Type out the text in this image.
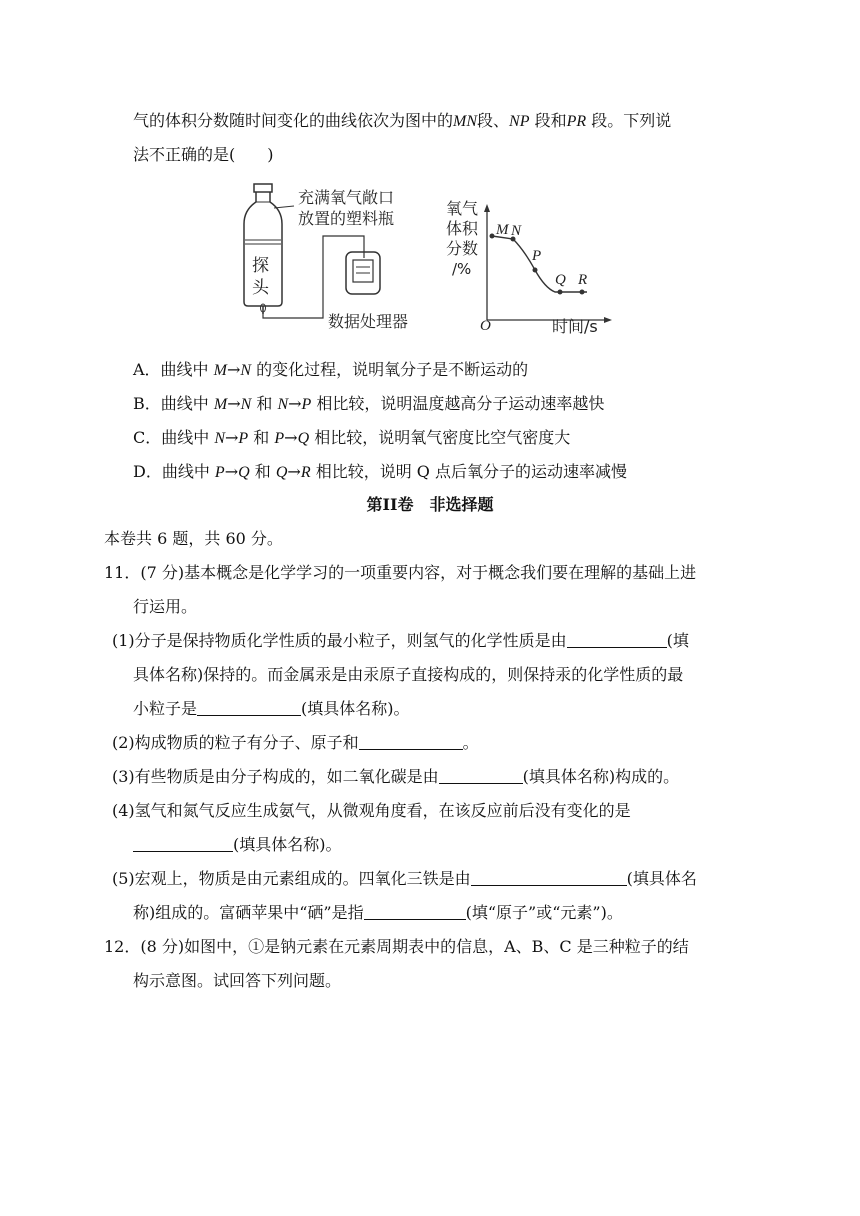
气的体积分数随时间变化的曲线依次为图中的MN段、NP 段和PR 段。下列说
法不正确的是(　　)
探
头
充满氧气敞口
放置的塑料瓶
数据处理器
M N
P
Q R
氧气
体积
分数
/%
O	时间/s
A．曲线中 M→N 的变化过程，说明氧分子是不断运动的
B．曲线中 M→N 和 N→P 相比较，说明温度越高分子运动速率越快
C．曲线中 N→P 和 P→Q 相比较，说明氧气密度比空气密度大
D．曲线中 P→Q 和 Q→R 相比较，说明 Q 点后氧分子的运动速率减慢
第II卷　非选择题
本卷共 6 题，共 60 分。
11．(7 分)基本概念是化学学习的一项重要内容，对于概念我们要在理解的基础上进
行运用。
(1)分子是保持物质化学性质的最小粒子，则氢气的化学性质是由	(填
具体名称)保持的。而金属汞是由汞原子直接构成的，则保持汞的化学性质的最
小粒子是	(填具体名称)。
(2)构成物质的粒子有分子、原子和	。
(3)有些物质是由分子构成的，如二氧化碳是由	(填具体名称)构成的。
(4)氢气和氮气反应生成氨气，从微观角度看，在该反应前后没有变化的是
(填具体名称)。
(5)宏观上，物质是由元素组成的。四氧化三铁是由	(填具体名
称)组成的。富硒苹果中“硒”是指	(填“原子”或“元素”)。
12．(8 分)如图中，①是钠元素在元素周期表中的信息，A、B、C 是三种粒子的结
构示意图。试回答下列问题。
